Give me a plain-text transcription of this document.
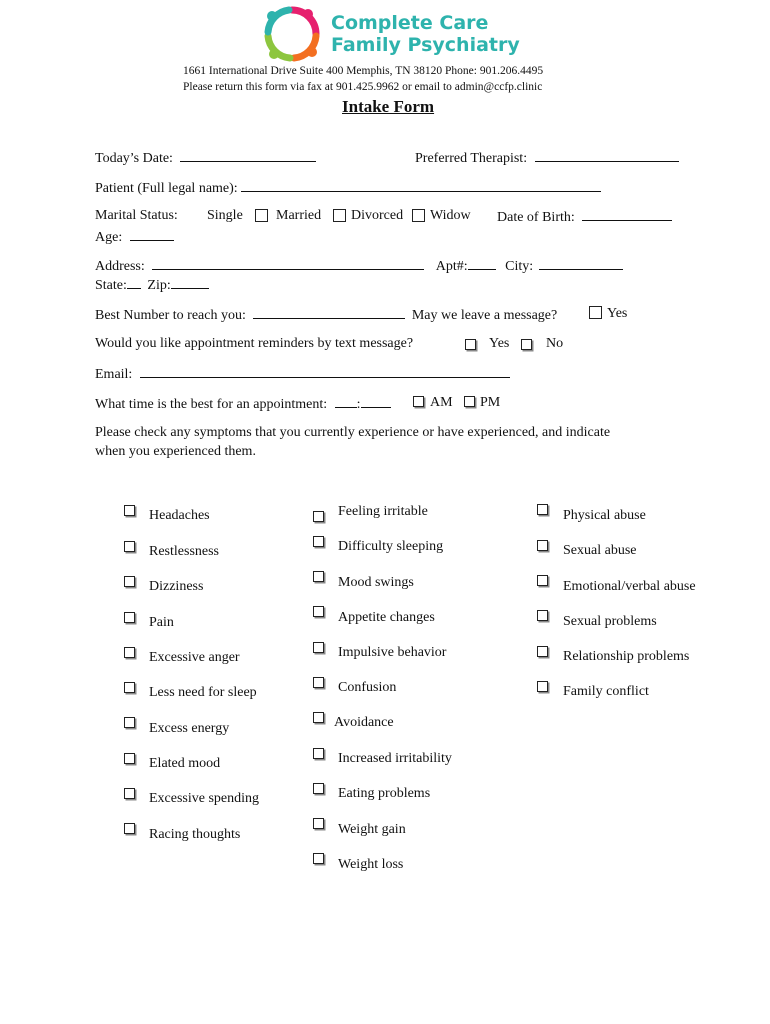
Complete Care
Family Psychiatry
1661 International Drive Suite 400 Memphis, TN 38120 Phone: 901.206.4495
Please return this form via fax at 901.425.9962 or email to admin@ccfp.clinic
Intake Form
Today’s Date:	Preferred Therapist:
Patient (Full legal name):
Marital Status: Single Married Divorced Widow Date of Birth:
Age:
Address:	Apt#:	City:
State: Zip:
Best Number to reach you:	May we leave a message?	Yes
Would you like appointment reminders by text message?	Yes	No
Email:
What time is the best for an appointment: :	AM PM
Please check any symptoms that you currently experience or have experienced, and indicate
when you experienced them.
Headaches
Restlessness
Dizziness
Pain
Excessive anger
Less need for sleep
Excess energy
Elated mood
Excessive spending
Racing thoughts
Feeling irritable
Difficulty sleeping
Mood swings
Appetite changes
Impulsive behavior
Confusion
Avoidance
Increased irritability
Eating problems
Weight gain
Weight loss
Physical abuse
Sexual abuse
Emotional/verbal abuse
Sexual problems
Relationship problems
Family conflict
